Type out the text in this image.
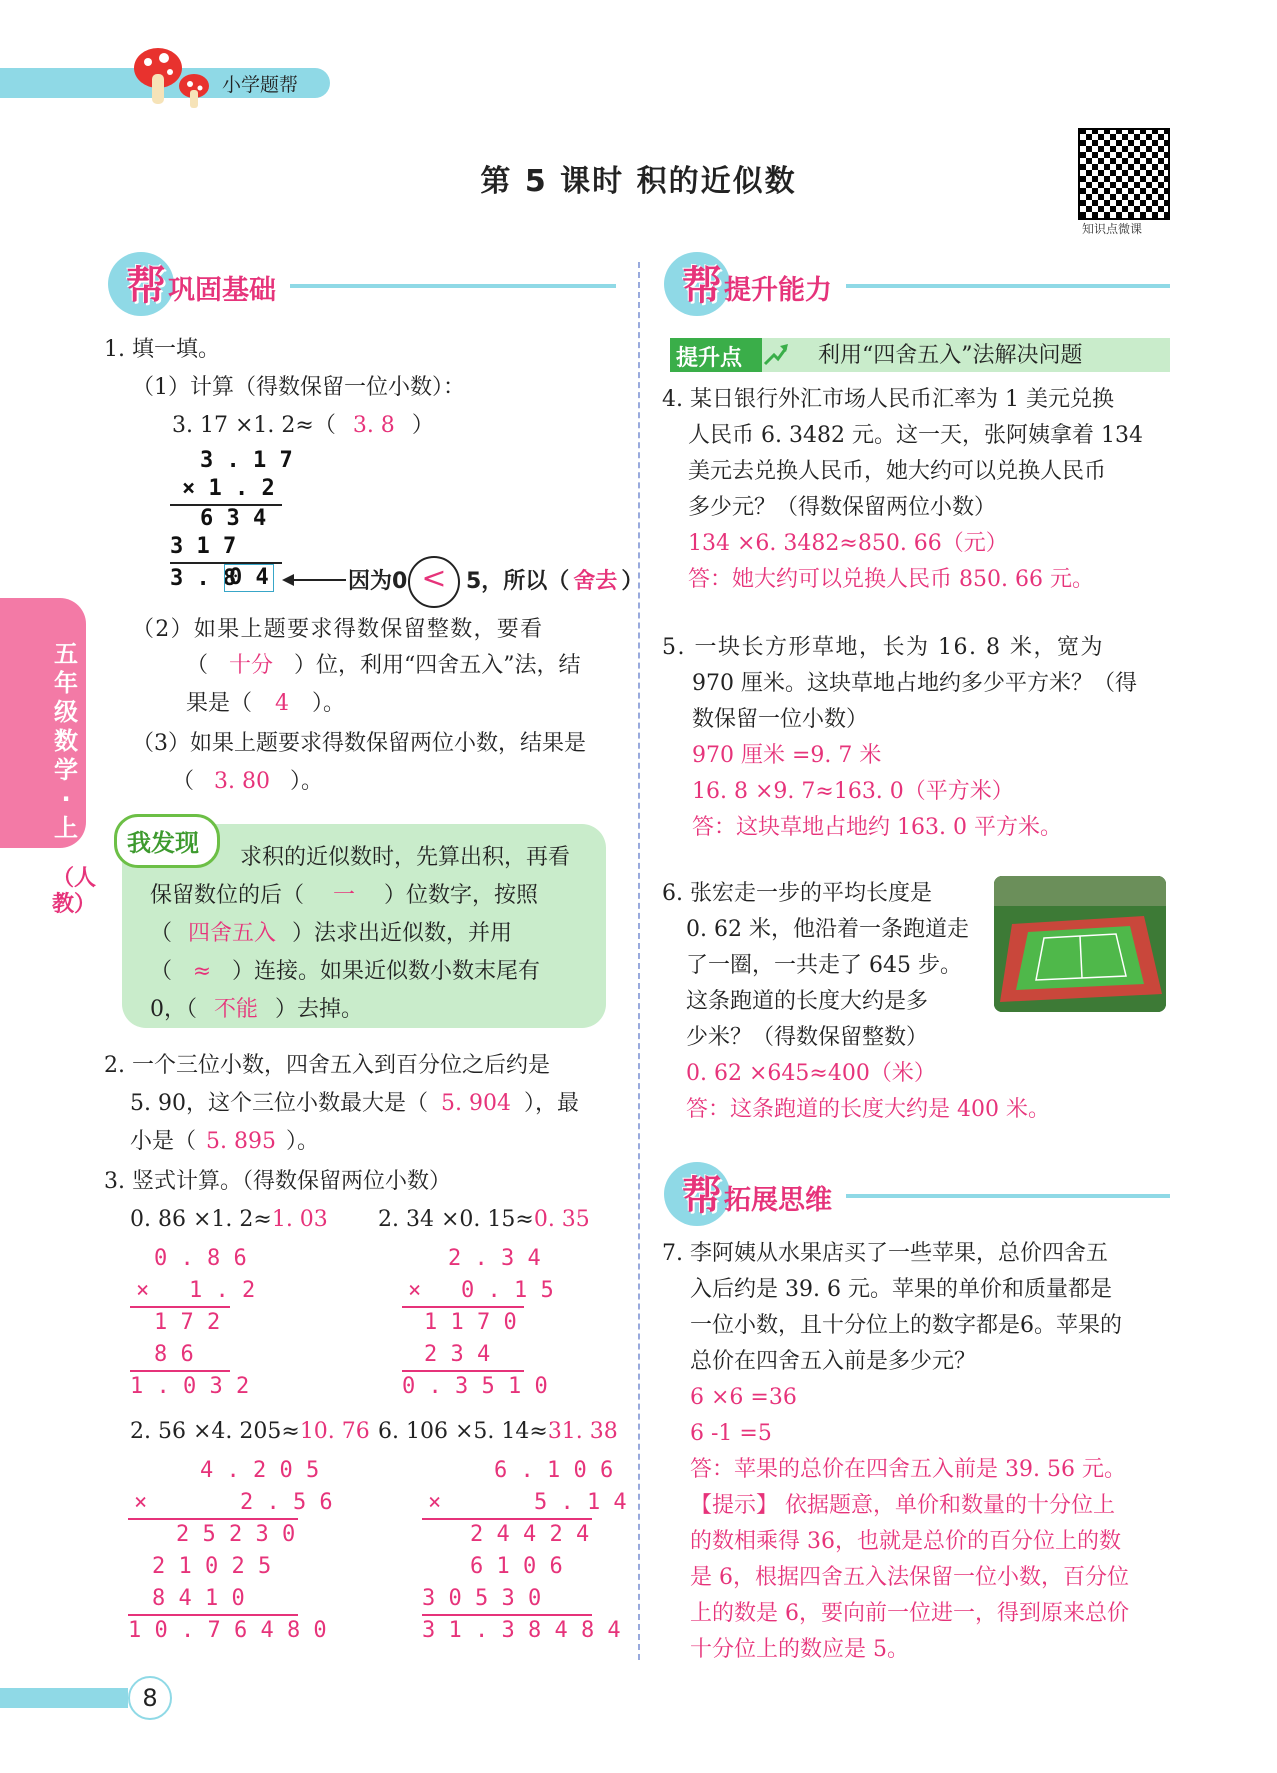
小学题帮
第 5 课时 积的近似数
知识点微课
五年级数学·上
（人教）
帮 巩固基础
1. 填一填。
（1）计算（得数保留一位小数）：
3. 17 ×1. 2≈（ 3. 8 ）
3 . 1 7
× 1 . 2
6 3 4
3 1 7
3 . 8
0 4	因为0 < 5，所以（ 舍去 ）
（2）如果上题要求得数保留整数，要看
（ 十分 ）位，利用“四舍五入”法，结
果是（ 4 ）。
（3）如果上题要求得数保留两位小数，结果是
（ 3. 80 ）。
我发现
求积的近似数时，先算出积，再看
保留数位的后（ 一 ）位数字，按照
（ 四舍五入 ）法求出近似数，并用
（ ≈ ）连接。如果近似数小数末尾有
0，（ 不能 ）去掉。
2. 一个三位小数，四舍五入到百分位之后约是
5. 90，这个三位小数最大是（ 5. 904 ），最
小是（ 5. 895 ）。
3. 竖式计算。（得数保留两位小数）
0. 86 ×1. 2≈1. 03 2. 34 ×0. 15≈0. 35
0 . 8 6
×   1 . 2
1 7 2
8 6
1 . 0 3 2
2 . 3 4
×   0 . 1 5
1 1 7 0
2 3 4
0 . 3 5 1 0
2. 56 ×4. 205≈10. 76 6. 106 ×5. 14≈31. 38
4 . 2 0 5
×       2 . 5 6
2 5 2 3 0
2 1 0 2 5
8 4 1 0
1 0 . 7 6 4 8 0
6 . 1 0 6
×       5 . 1 4
2 4 4 2 4
6 1 0 6
3 0 5 3 0
3 1 . 3 8 4 8 4
帮 提升能力
提升点	利用“四舍五入”法解决问题
4. 某日银行外汇市场人民币汇率为 1 美元兑换
人民币 6. 3482 元。这一天，张阿姨拿着 134
美元去兑换人民币，她大约可以兑换人民币
多少元？（得数保留两位小数）
134 ×6. 3482≈850. 66（元）
答：她大约可以兑换人民币 850. 66 元。
5. 一块长方形草地，长为 16. 8 米，宽为
970 厘米。这块草地占地约多少平方米？（得
数保留一位小数）
970 厘米 =9. 7 米
16. 8 ×9. 7≈163. 0（平方米）
答：这块草地占地约 163. 0 平方米。
6. 张宏走一步的平均长度是
0. 62 米，他沿着一条跑道走
了一圈，一共走了 645 步。
这条跑道的长度大约是多
少米？（得数保留整数）
0. 62 ×645≈400（米）
答：这条跑道的长度大约是 400 米。
帮 拓展思维
7. 李阿姨从水果店买了一些苹果，总价四舍五
入后约是 39. 6 元。苹果的单价和质量都是
一位小数，且十分位上的数字都是6。苹果的
总价在四舍五入前是多少元？
6 ×6 =36
6 -1 =5
答：苹果的总价在四舍五入前是 39. 56 元。
【提示】 依据题意，单价和数量的十分位上
的数相乘得 36，也就是总价的百分位上的数
是 6，根据四舍五入法保留一位小数，百分位
上的数是 6，要向前一位进一，得到原来总价
十分位上的数应是 5。
8
